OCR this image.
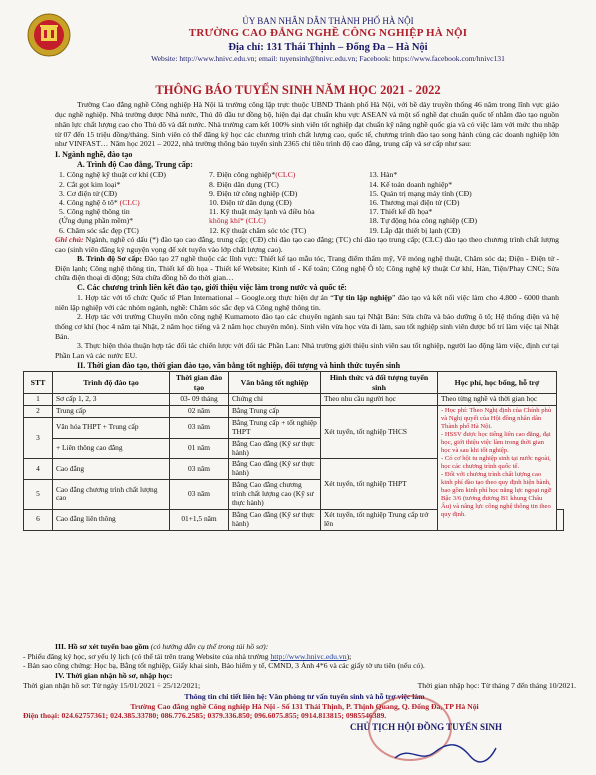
ỦY BAN NHÂN DÂN THÀNH PHỐ HÀ NỘI
TRƯỜNG CAO ĐẲNG NGHỀ CÔNG NGHIỆP HÀ NỘI
Địa chỉ: 131 Thái Thịnh – Đống Đa – Hà Nội
Website: http://www.hnivc.edu.vn; email: tuyensinh@hnivc.edu.vn; Facebook: https://www.facebook.com/hnivc131
THÔNG BÁO TUYỂN SINH NĂM HỌC 2021 - 2022

Trường Cao đẳng nghề Công nghiệp Hà Nội là trường công lập trực thuộc UBND Thành phố Hà Nội, với bề dày truyền thống 46 năm trong lĩnh vực giáo dục nghề nghiệp. Nhà trường được Nhà nước, Thủ đô đầu tư đồng bộ, hiện đại đạt chuẩn khu vực ASEAN và một số nghề đạt chuẩn quốc tế nhằm đào tạo nguồn nhân lực chất lượng cao cho Thủ đô và đất nước. Nhà trường cam kết 100% sinh viên tốt nghiệp đạt chuẩn kỹ năng nghề quốc gia và có việc làm với mức thu nhập từ 07 đến 15 triệu đồng/tháng. Sinh viên có thể đăng ký học các chương trình chất lượng cao, quốc tế, chương trình đào tạo song hành cùng các doanh nghiệp lớn như VINFAST… Năm học 2021 – 2022, nhà trường thông báo tuyển sinh 2365 chỉ tiêu trình độ cao đẳng, trung cấp và sơ cấp như sau:

I. Ngành nghề, đào tạo

A. Trình độ Cao đẳng, Trung cấp:

1. Công nghệ kỹ thuật cơ khí (CĐ)	7. Điện công nghiệp*(CLC)	13. Hàn*
2. Cắt gọt kim loại*	8. Điện dân dụng (TC)	14. Kế toán doanh nghiệp*
3. Cơ điện tử (CĐ)	9. Điện tử công nghiệp (CĐ)	15. Quản trị mạng máy tính (CĐ)
4. Công nghệ ô tô* (CLC)	10. Điện tử dân dụng (CĐ)	16. Thương mại điện tử (CĐ)
5. Công nghệ thông tin	11. Kỹ thuật máy lạnh và điều hòa	17. Thiết kế đồ họa*
(Ứng dụng phần mềm)*	không khí* (CLC)	18. Tự động hóa công nghiệp (CĐ)
6. Chăm sóc sắc đẹp (TC)	12. Kỹ thuật chăm sóc tóc (TC)	19. Lắp đặt thiết bị lạnh (CĐ)

Ghi chú: Ngành, nghề có dấu (*) đào tạo cao đẳng, trung cấp; (CĐ) chỉ đào tạo cao đẳng; (TC) chỉ đào tạo trung cấp; (CLC) đào tạo theo chương trình chất lượng cao (sinh viên đăng ký nguyện vọng để xét tuyển vào lớp chất lượng cao).

B. Trình độ Sơ cấp: Đào tạo 27 nghề thuộc các lĩnh vực: Thiết kế tạo mẫu tóc, Trang điểm thẩm mỹ, Vẽ móng nghệ thuật, Chăm sóc da; Điện - Điện tử - Điện lạnh; Công nghệ thông tin, Thiết kế đồ họa - Thiết kế Website; Kinh tế - Kế toán; Công nghệ Ô tô; Công nghệ kỹ thuật Cơ khí, Hàn, Tiện/Phay CNC; Sửa chữa điện thoại di động; Sửa chữa đồng hồ đo thời gian…

C. Các chương trình liên kết đào tạo, giới thiệu việc làm trong nước và quốc tế:

1. Hợp tác với tổ chức Quốc tế Plan International – Google.org thực hiện dự án “Tự tin lập nghiệp” đào tạo và kết nối việc làm cho 4.800 - 6000 thanh niên lập nghiệp với các nhóm ngành, nghề: Chăm sóc sắc đẹp và Công nghệ thông tin.

2. Hợp tác với trường Chuyên môn công nghệ Kumamoto đào tạo các chuyên ngành sau tại Nhật Bản: Sửa chữa và bảo dưỡng ô tô; Hệ thống điện và hệ thống cơ khí (học 4 năm tại Nhật, 2 năm học tiếng và 2 năm học chuyên môn). Sinh viên vừa học vừa đi làm, sau tốt nghiệp sinh viên được bố trí làm việc tại Nhật Bản.

3. Thực hiện thỏa thuận hợp tác đối tác chiến lược với đối tác Phần Lan: Nhà trường giới thiệu sinh viên sau tốt nghiệp, người lao động làm việc, định cư tại Phần Lan và các nước EU.

II. Thời gian đào tạo, thời gian đào tạo, văn bằng tốt nghiệp, đối tượng và hình thức tuyển sinh

STT	Trình độ đào tạo	Thời gian đào tạo	Văn bằng tốt nghiệp	Hình thức và đối tượng tuyển sinh	Học phí, học bổng, hỗ trợ	
1	Sơ cấp 1, 2, 3	03- 09 tháng	Chứng chỉ	Theo nhu cầu người học	Theo từng nghề và thời gian học	
2	Trung cấp	02 năm	Bằng Trung cấp	Xét tuyển, tốt nghiệp THCS	- Học phí: Theo Nghị định của Chính phủ và Nghị quyết của Hội đồng nhân dân Thành phố Hà Nội.
- HSSV được học tiếng liên cao đẳng, đại học, giới thiệu việc làm trong thời gian học và sau khi tốt nghiệp.
- Có cơ hội tu nghiệp sinh tại nước ngoài, học các chương trình quốc tế.
- Đối với chương trình chất lượng cao kinh phí đào tạo theo quy định hiện hành, bao gồm kinh phí học năng lực ngoại ngữ Bậc 3/6 (tương đương B1 khung Châu Âu) và nâng lực công nghệ thông tin theo quy định.	

3	Văn hóa THPT + Trung cấp	03 năm	Bằng Trung cấp + tốt nghiệp THPT			
	+ Liên thông cao đẳng	01 năm	Bằng Cao đẳng (Kỹ sư thực hành)			
4	Cao đẳng	03 năm	Bằng Cao đẳng (Kỹ sư thực hành)	Xét tuyển, tốt nghiệp THPT		
5	Cao đẳng chương trình chất lượng cao	03 năm	Bằng Cao đẳng chương trình chất lượng cao (Kỹ sư thực hành)			
6	Cao đẳng liên thông	01+1,5 năm	Bằng Cao đẳng (Kỹ sư thực hành)	Xét tuyển, tốt nghiệp Trung cấp trở lên		

III. Hồ sơ xét tuyển bao gồm (có hướng dẫn cụ thể trong túi hồ sơ):

- Phiếu đăng ký học, sơ yếu lý lịch (có thể tải trên trang Website của nhà trường http://www.hnivc.edu.vn);

- Bản sao công chứng: Học bạ, Bằng tốt nghiệp, Giấy khai sinh, Bảo hiểm y tế, CMND, 3 Ảnh 4*6 và các giấy tờ ưu tiên (nếu có).

IV. Thời gian nhận hồ sơ, nhập học:

Thời gian nhận hồ sơ: Từ ngày 15/01/2021 ÷ 25/12/2021;	Thời gian nhập học: Từ tháng 7 đến tháng 10/2021.

Thông tin chi tiết liên hệ: Văn phòng tư vấn tuyển sinh và hỗ trợ việc làm

Trường Cao đẳng nghề Công nghiệp Hà Nội - Số 131 Thái Thịnh, P. Thịnh Quang, Q. Đống Đa, TP Hà Nội

Điện thoại: 024.62757361; 024.385.33780; 086.776.2585; 0379.336.850; 096.6075.855; 0914.813815; 0985546389.

CHỦ TỊCH HỘI ĐỒNG TUYỂN SINH
